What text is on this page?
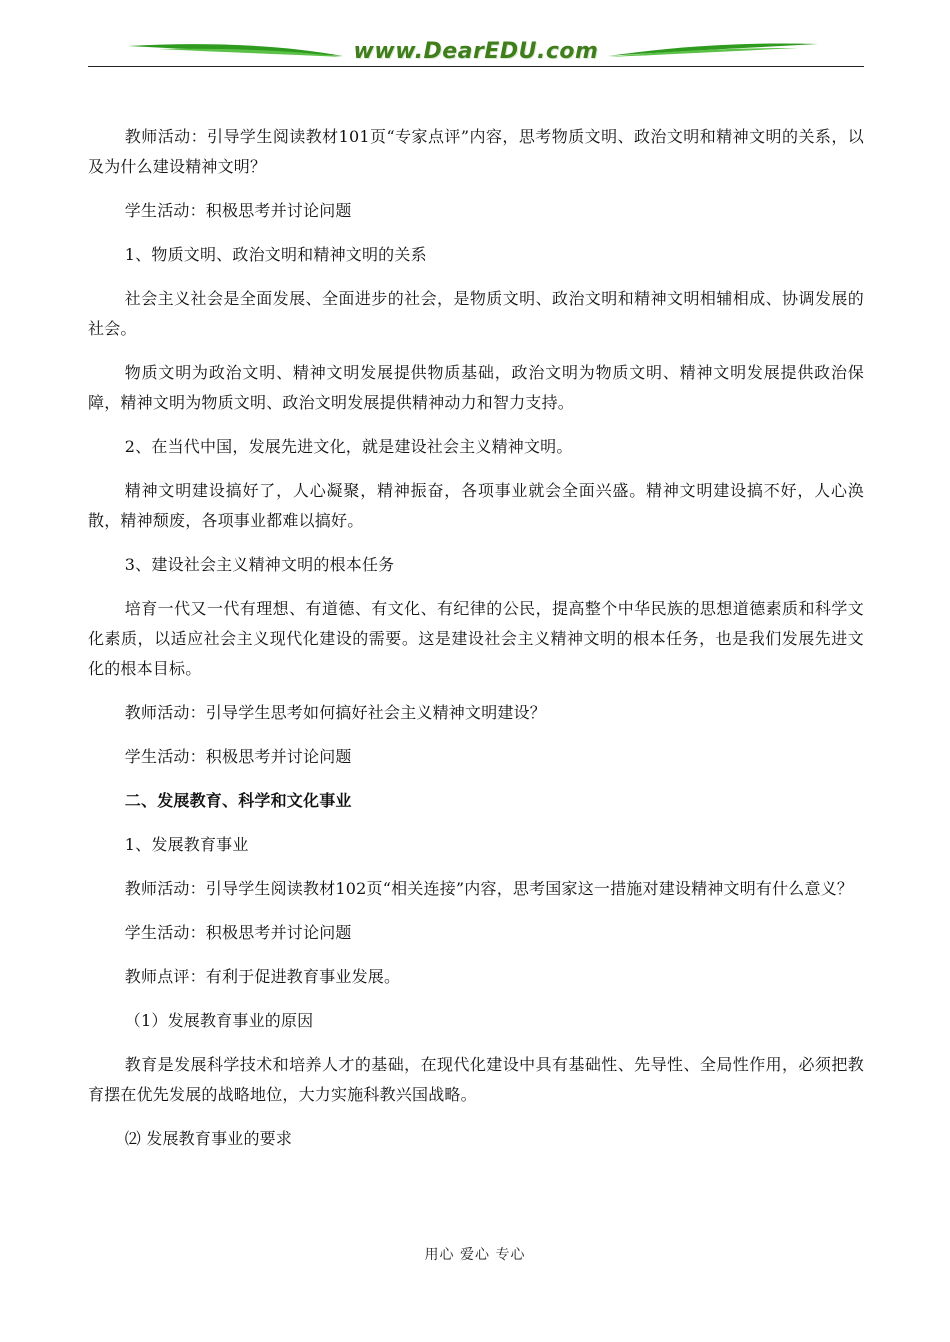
www.DearEDU.com

教师活动：引导学生阅读教材101页“专家点评”内容，思考物质文明、政治文明和精神文明的关系，以及为什么建设精神文明？

学生活动：积极思考并讨论问题

1、物质文明、政治文明和精神文明的关系

社会主义社会是全面发展、全面进步的社会，是物质文明、政治文明和精神文明相辅相成、协调发展的社会。

物质文明为政治文明、精神文明发展提供物质基础，政治文明为物质文明、精神文明发展提供政治保障，精神文明为物质文明、政治文明发展提供精神动力和智力支持。

2、在当代中国，发展先进文化，就是建设社会主义精神文明。

精神文明建设搞好了，人心凝聚，精神振奋，各项事业就会全面兴盛。精神文明建设搞不好，人心涣散，精神颓废，各项事业都难以搞好。

3、建设社会主义精神文明的根本任务

培育一代又一代有理想、有道德、有文化、有纪律的公民，提高整个中华民族的思想道德素质和科学文化素质，以适应社会主义现代化建设的需要。这是建设社会主义精神文明的根本任务，也是我们发展先进文化的根本目标。

教师活动：引导学生思考如何搞好社会主义精神文明建设？

学生活动：积极思考并讨论问题

二、发展教育、科学和文化事业

1、发展教育事业

教师活动：引导学生阅读教材102页“相关连接”内容，思考国家这一措施对建设精神文明有什么意义？

学生活动：积极思考并讨论问题

教师点评：有利于促进教育事业发展。

（1）发展教育事业的原因

教育是发展科学技术和培养人才的基础，在现代化建设中具有基础性、先导性、全局性作用，必须把教育摆在优先发展的战略地位，大力实施科教兴国战略。

⑵ 发展教育事业的要求

用心 爱心 专心
